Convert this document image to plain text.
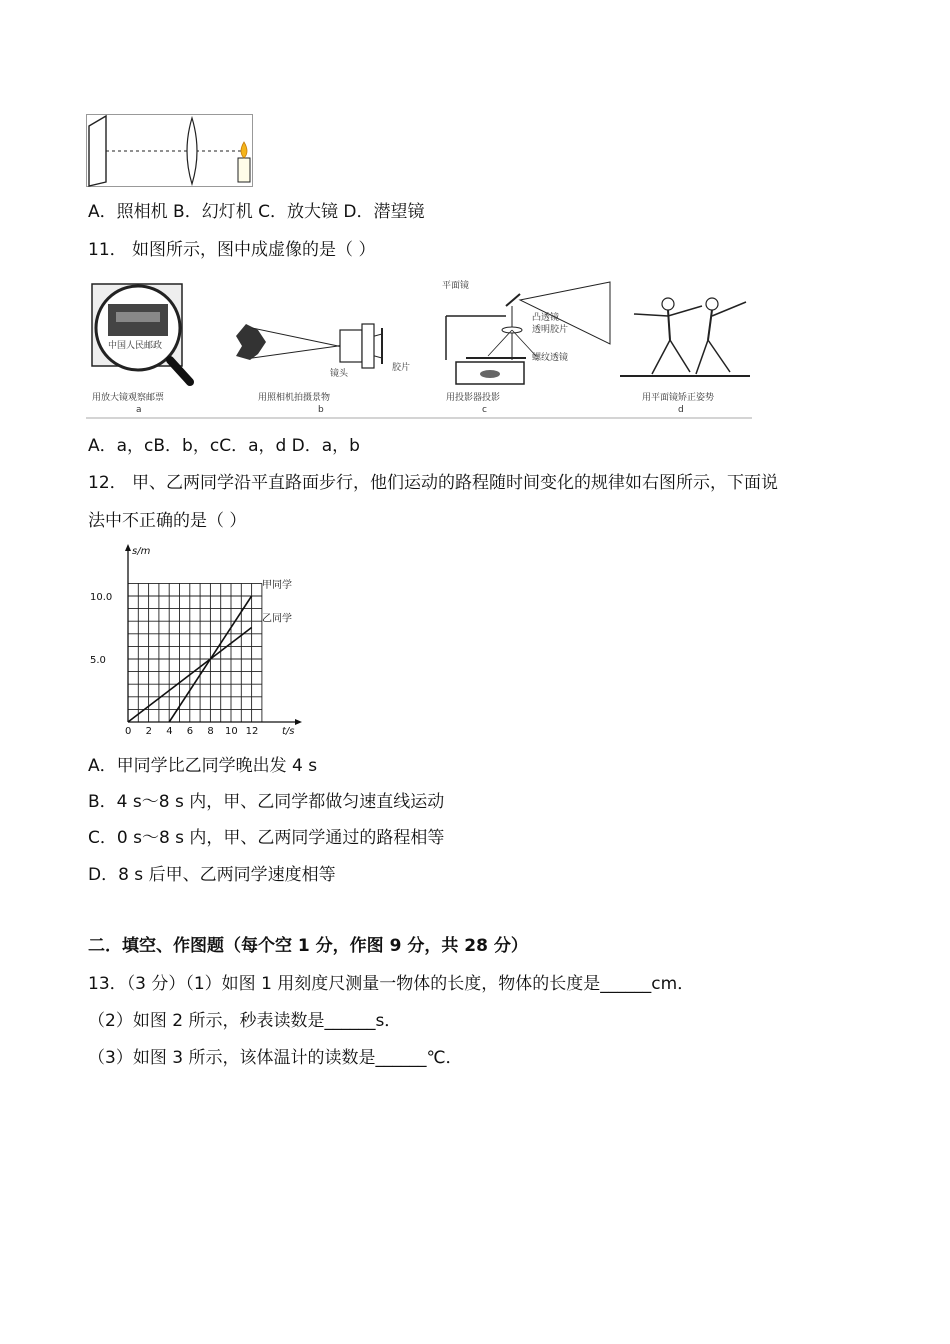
A．照相机 B．幻灯机 C．放大镜 D．潜望镜
11． 如图所示，图中成虚像的是（ ）
中国人民邮政
用放大镜观察邮票
a
镜头
胶片
用照相机拍摄景物
b
平面镜
凸透镜
透明胶片
螺纹透镜
用投影器投影
c
用平面镜矫正姿势
d
A．a，cB．b，cC．a，d D．a，b
12． 甲、乙两同学沿平直路面步行，他们运动的路程随时间变化的规律如右图所示，下面说
法中不正确的是（ ）
s/m
t/s
0 2 4 6 8 10 12
5.0
10.0
甲同学
乙同学
A．甲同学比乙同学晚出发 4 s
B．4 s～8 s 内，甲、乙同学都做匀速直线运动
C．0 s～8 s 内，甲、乙两同学通过的路程相等
D．8 s 后甲、乙两同学速度相等
二．填空、作图题（每个空 1 分，作图 9 分，共 28 分）
13．（3 分）（1）如图 1 用刻度尺测量一物体的长度，物体的长度是______cm．
（2）如图 2 所示，秒表读数是______s．
（3）如图 3 所示，该体温计的读数是______℃．
